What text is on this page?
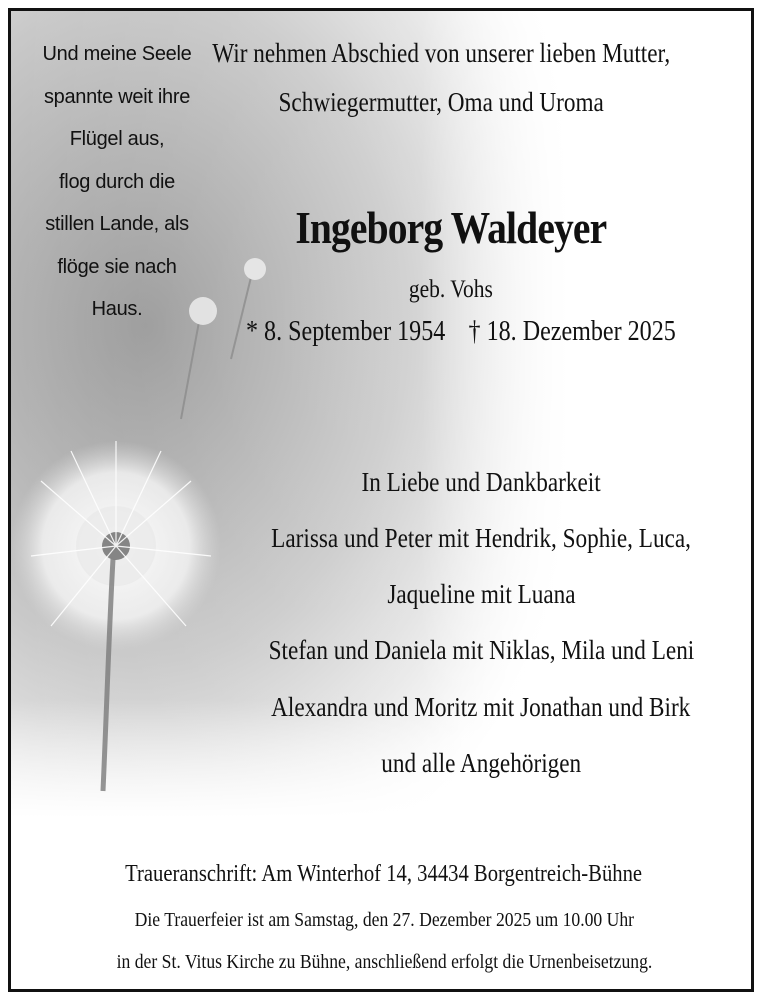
Und meine Seele
spannte weit ihre
Flügel aus,
flog durch die
stillen Lande, als
flöge sie nach
Haus.
Wir nehmen Abschied von unserer lieben Mutter,
Schwiegermutter, Oma und Uroma
Ingeborg Waldeyer
geb. Vohs
* 8. September 1954 † 18. Dezember 2025
In Liebe und Dankbarkeit
Larissa und Peter mit Hendrik, Sophie, Luca,
Jaqueline mit Luana
Stefan und Daniela mit Niklas, Mila und Leni
Alexandra und Moritz mit Jonathan und Birk
und alle Angehörigen
Traueranschrift: Am Winterhof 14, 34434 Borgentreich-Bühne
Die Trauerfeier ist am Samstag, den 27. Dezember 2025 um 10.00 Uhr
in der St. Vitus Kirche zu Bühne, anschließend erfolgt die Urnenbeisetzung.
